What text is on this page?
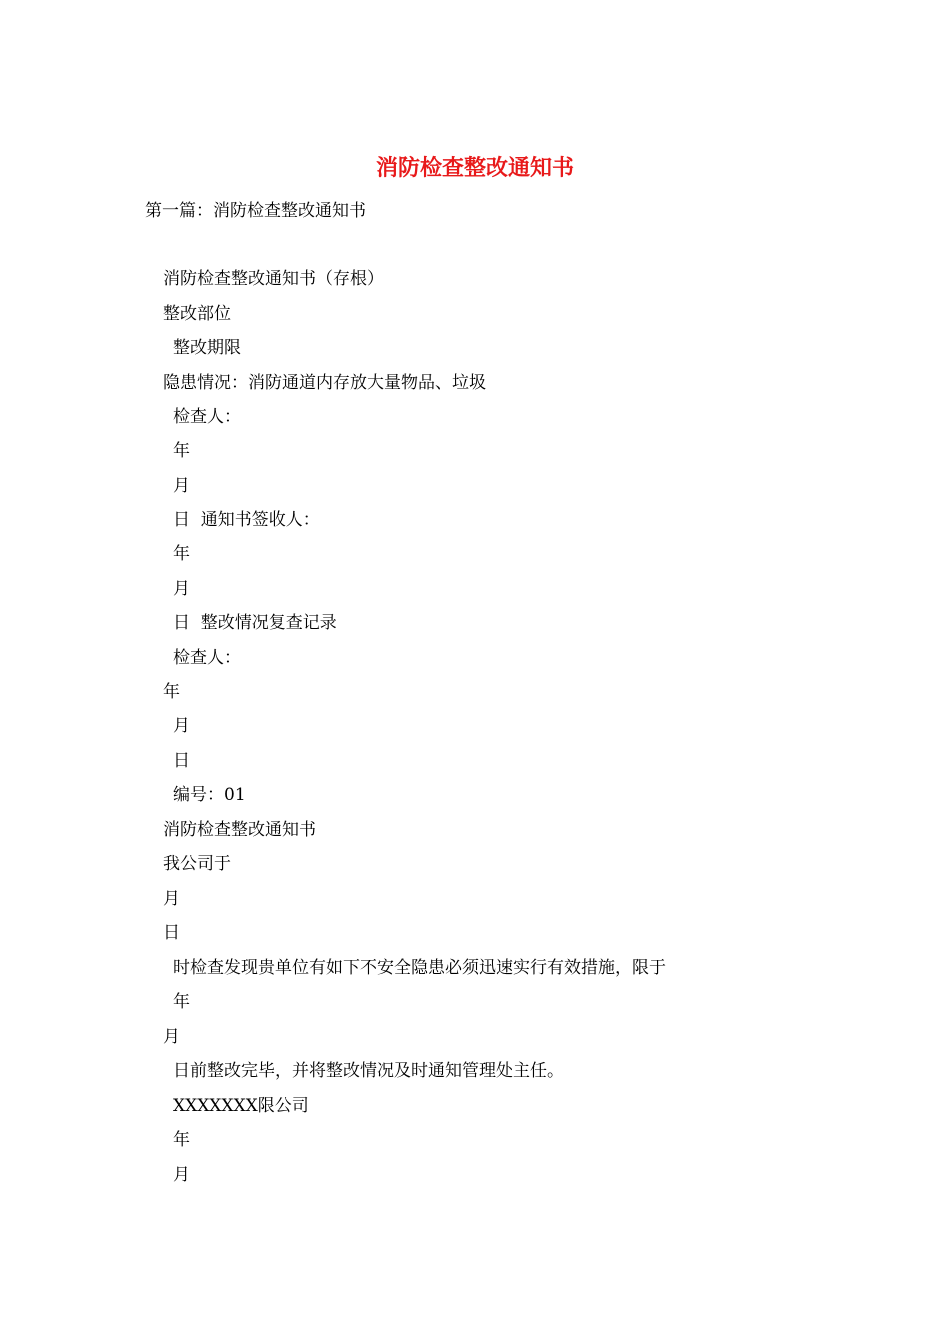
消防检查整改通知书

第一篇：消防检查整改通知书

消防检查整改通知书（存根）

整改部位

整改期限

隐患情况：消防通道内存放大量物品、垃圾

检查人：

年

月

日  通知书签收人：

年

月

日  整改情况复查记录

检查人：

年

月

日

编号：01

消防检查整改通知书

我公司于

月

日

时检查发现贵单位有如下不安全隐患必须迅速实行有效措施，限于

年

月

日前整改完毕，并将整改情况及时通知管理处主任。

XXXXXXX限公司

年

月
